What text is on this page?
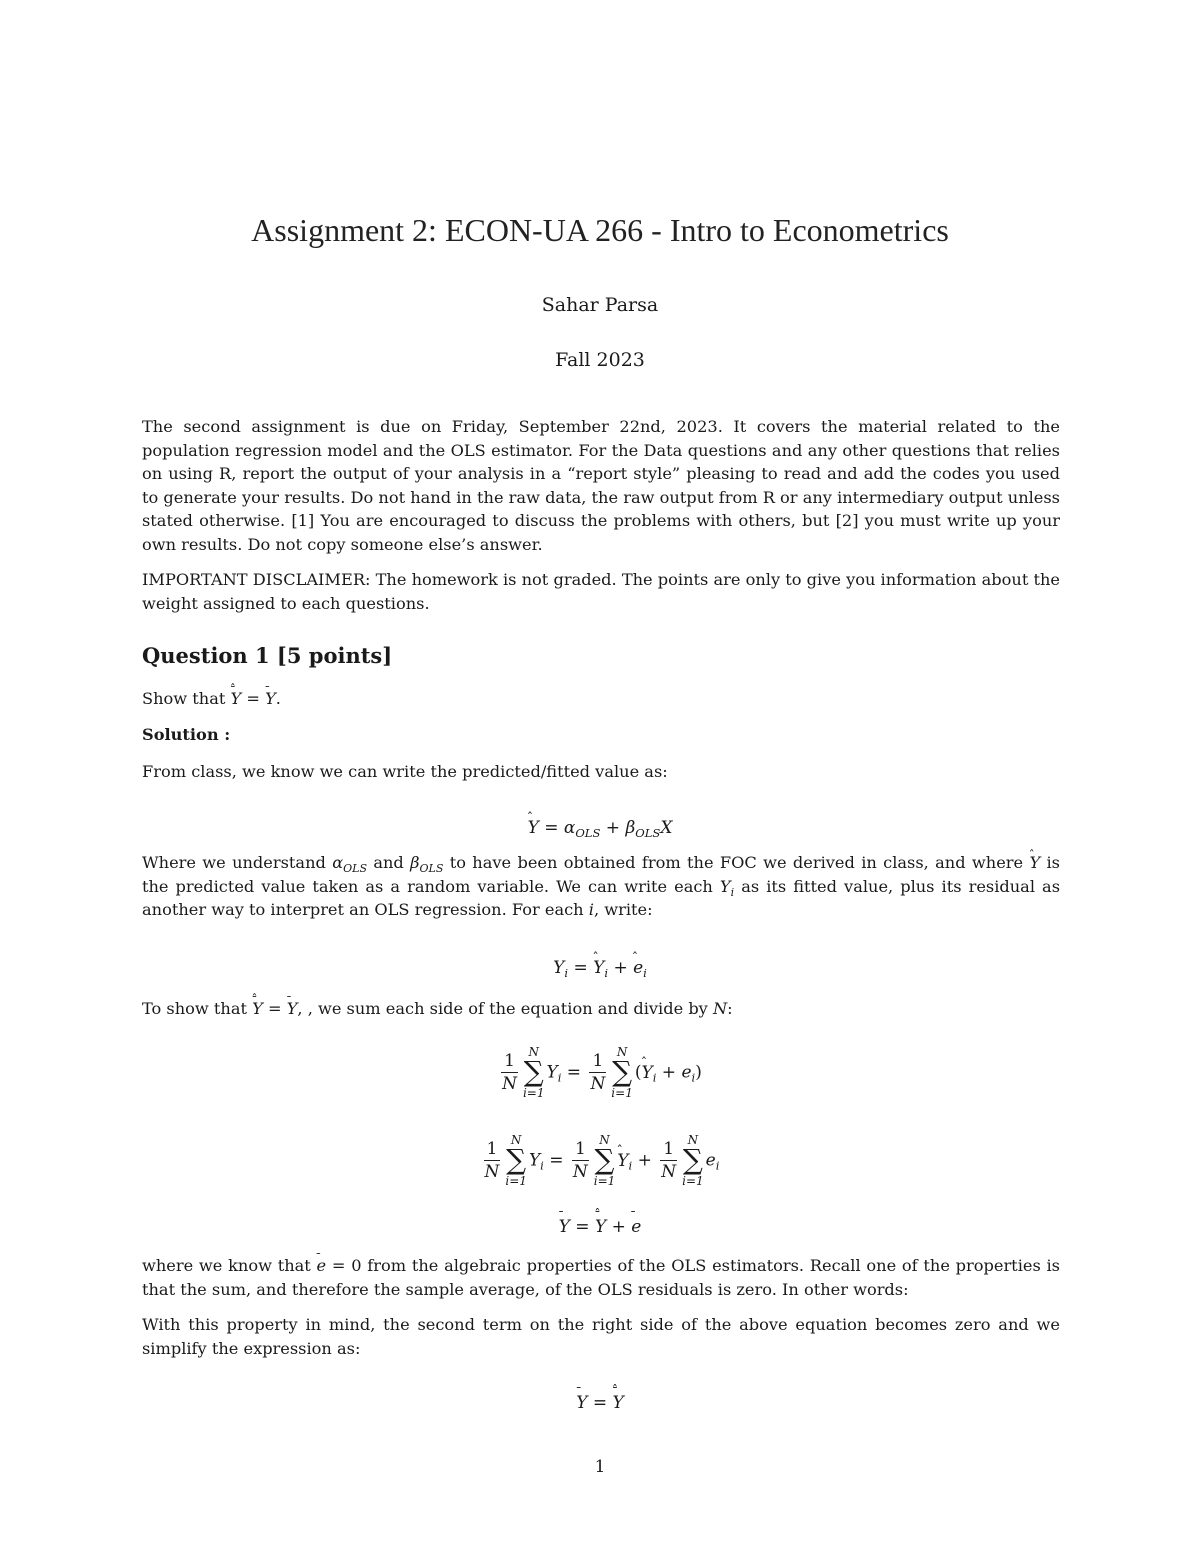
Assignment 2: ECON-UA 266 - Intro to Econometrics
Sahar Parsa
Fall 2023
The second assignment is due on Friday, September 22nd, 2023. It covers the material related to the population regression model and the OLS estimator. For the Data questions and any other questions that relies on using R, report the output of your analysis in a “report style” pleasing to read and add the codes you used to generate your results. Do not hand in the raw data, the raw output from R or any intermediary output unless stated otherwise. [1] You are encouraged to discuss the problems with others, but [2] you must write up your own results. Do not copy someone else’s answer.
IMPORTANT DISCLAIMER: The homework is not graded. The points are only to give you information about the weight assigned to each questions.
Question 1 [5 points]
Show that Y
= Y
.
Solution :
From class, we know we can write the predicted/fitted value as:
Y
= $\alpha_{OLS} + \beta_{OLS}X$
Where we understand $\alpha_{OLS}$ and $\beta_{OLS}$ to have been obtained from the FOC we derived in class, and where Y is the predicted value taken as a random variable. We can write each $Y_i$ as its fitted value, plus its residual as another way to interpret an OLS regression. For each i, write:
$Y_i = Y$
$_i$ + e
$_i$
To show that Y
= Y
, , we sum each side of the equation and divide by N:
$\frac{1}{N}$ N
∑
i=1
$Y_i = \frac{1}{N}$ N
∑
i=1
(Y
$_i + e_i$)
$\frac{1}{N}$ N
∑
i=1
$Y_i = \frac{1}{N}$ N
∑
i=1
Y
$_i + \frac{1}{N}$ N
∑
i=1
$e_i$
Y
= Y
+ e
where we know that e
= 0 from the algebraic properties of the OLS estimators. Recall one of the properties is that the sum, and therefore the sample average, of the OLS residuals is zero. In other words:
With this property in mind, the second term on the right side of the above equation becomes zero and we simplify the expression as:
Y
= Y
1
